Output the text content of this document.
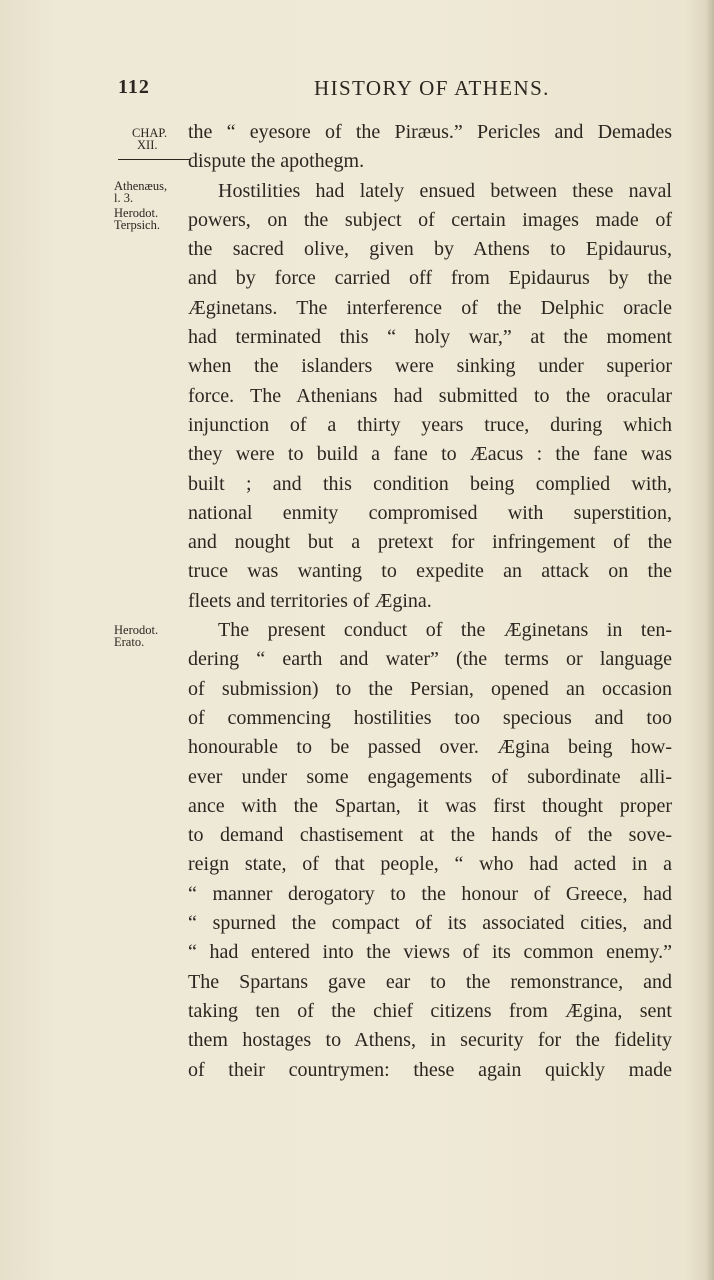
112	HISTORY OF ATHENS.
CHAP.
XII.
Athenæus,
l. 3.
Herodot.
Terpsich.
Herodot.
Erato.
the “ eyesore of the Piræus.” Pericles and Demades
dispute the apothegm.
Hostilities had lately ensued between these naval
powers, on the subject of certain images made of
the sacred olive, given by Athens to Epidaurus,
and by force carried off from Epidaurus by the
Æginetans. The interference of the Delphic oracle
had terminated this “ holy war,” at the moment
when the islanders were sinking under superior
force. The Athenians had submitted to the oracular
injunction of a thirty years truce, during which
they were to build a fane to Æacus : the fane was
built ; and this condition being complied with,
national enmity compromised with superstition,
and nought but a pretext for infringement of the
truce was wanting to expedite an attack on the
fleets and territories of Ægina.
The present conduct of the Æginetans in ten-
dering “ earth and water” (the terms or language
of submission) to the Persian, opened an occasion
of commencing hostilities too specious and too
honourable to be passed over. Ægina being how-
ever under some engagements of subordinate alli-
ance with the Spartan, it was first thought proper
to demand chastisement at the hands of the sove-
reign state, of that people, “ who had acted in a
“ manner derogatory to the honour of Greece, had
“ spurned the compact of its associated cities, and
“ had entered into the views of its common enemy.”
The Spartans gave ear to the remonstrance, and
taking ten of the chief citizens from Ægina, sent
them hostages to Athens, in security for the fidelity
of their countrymen: these again quickly made
